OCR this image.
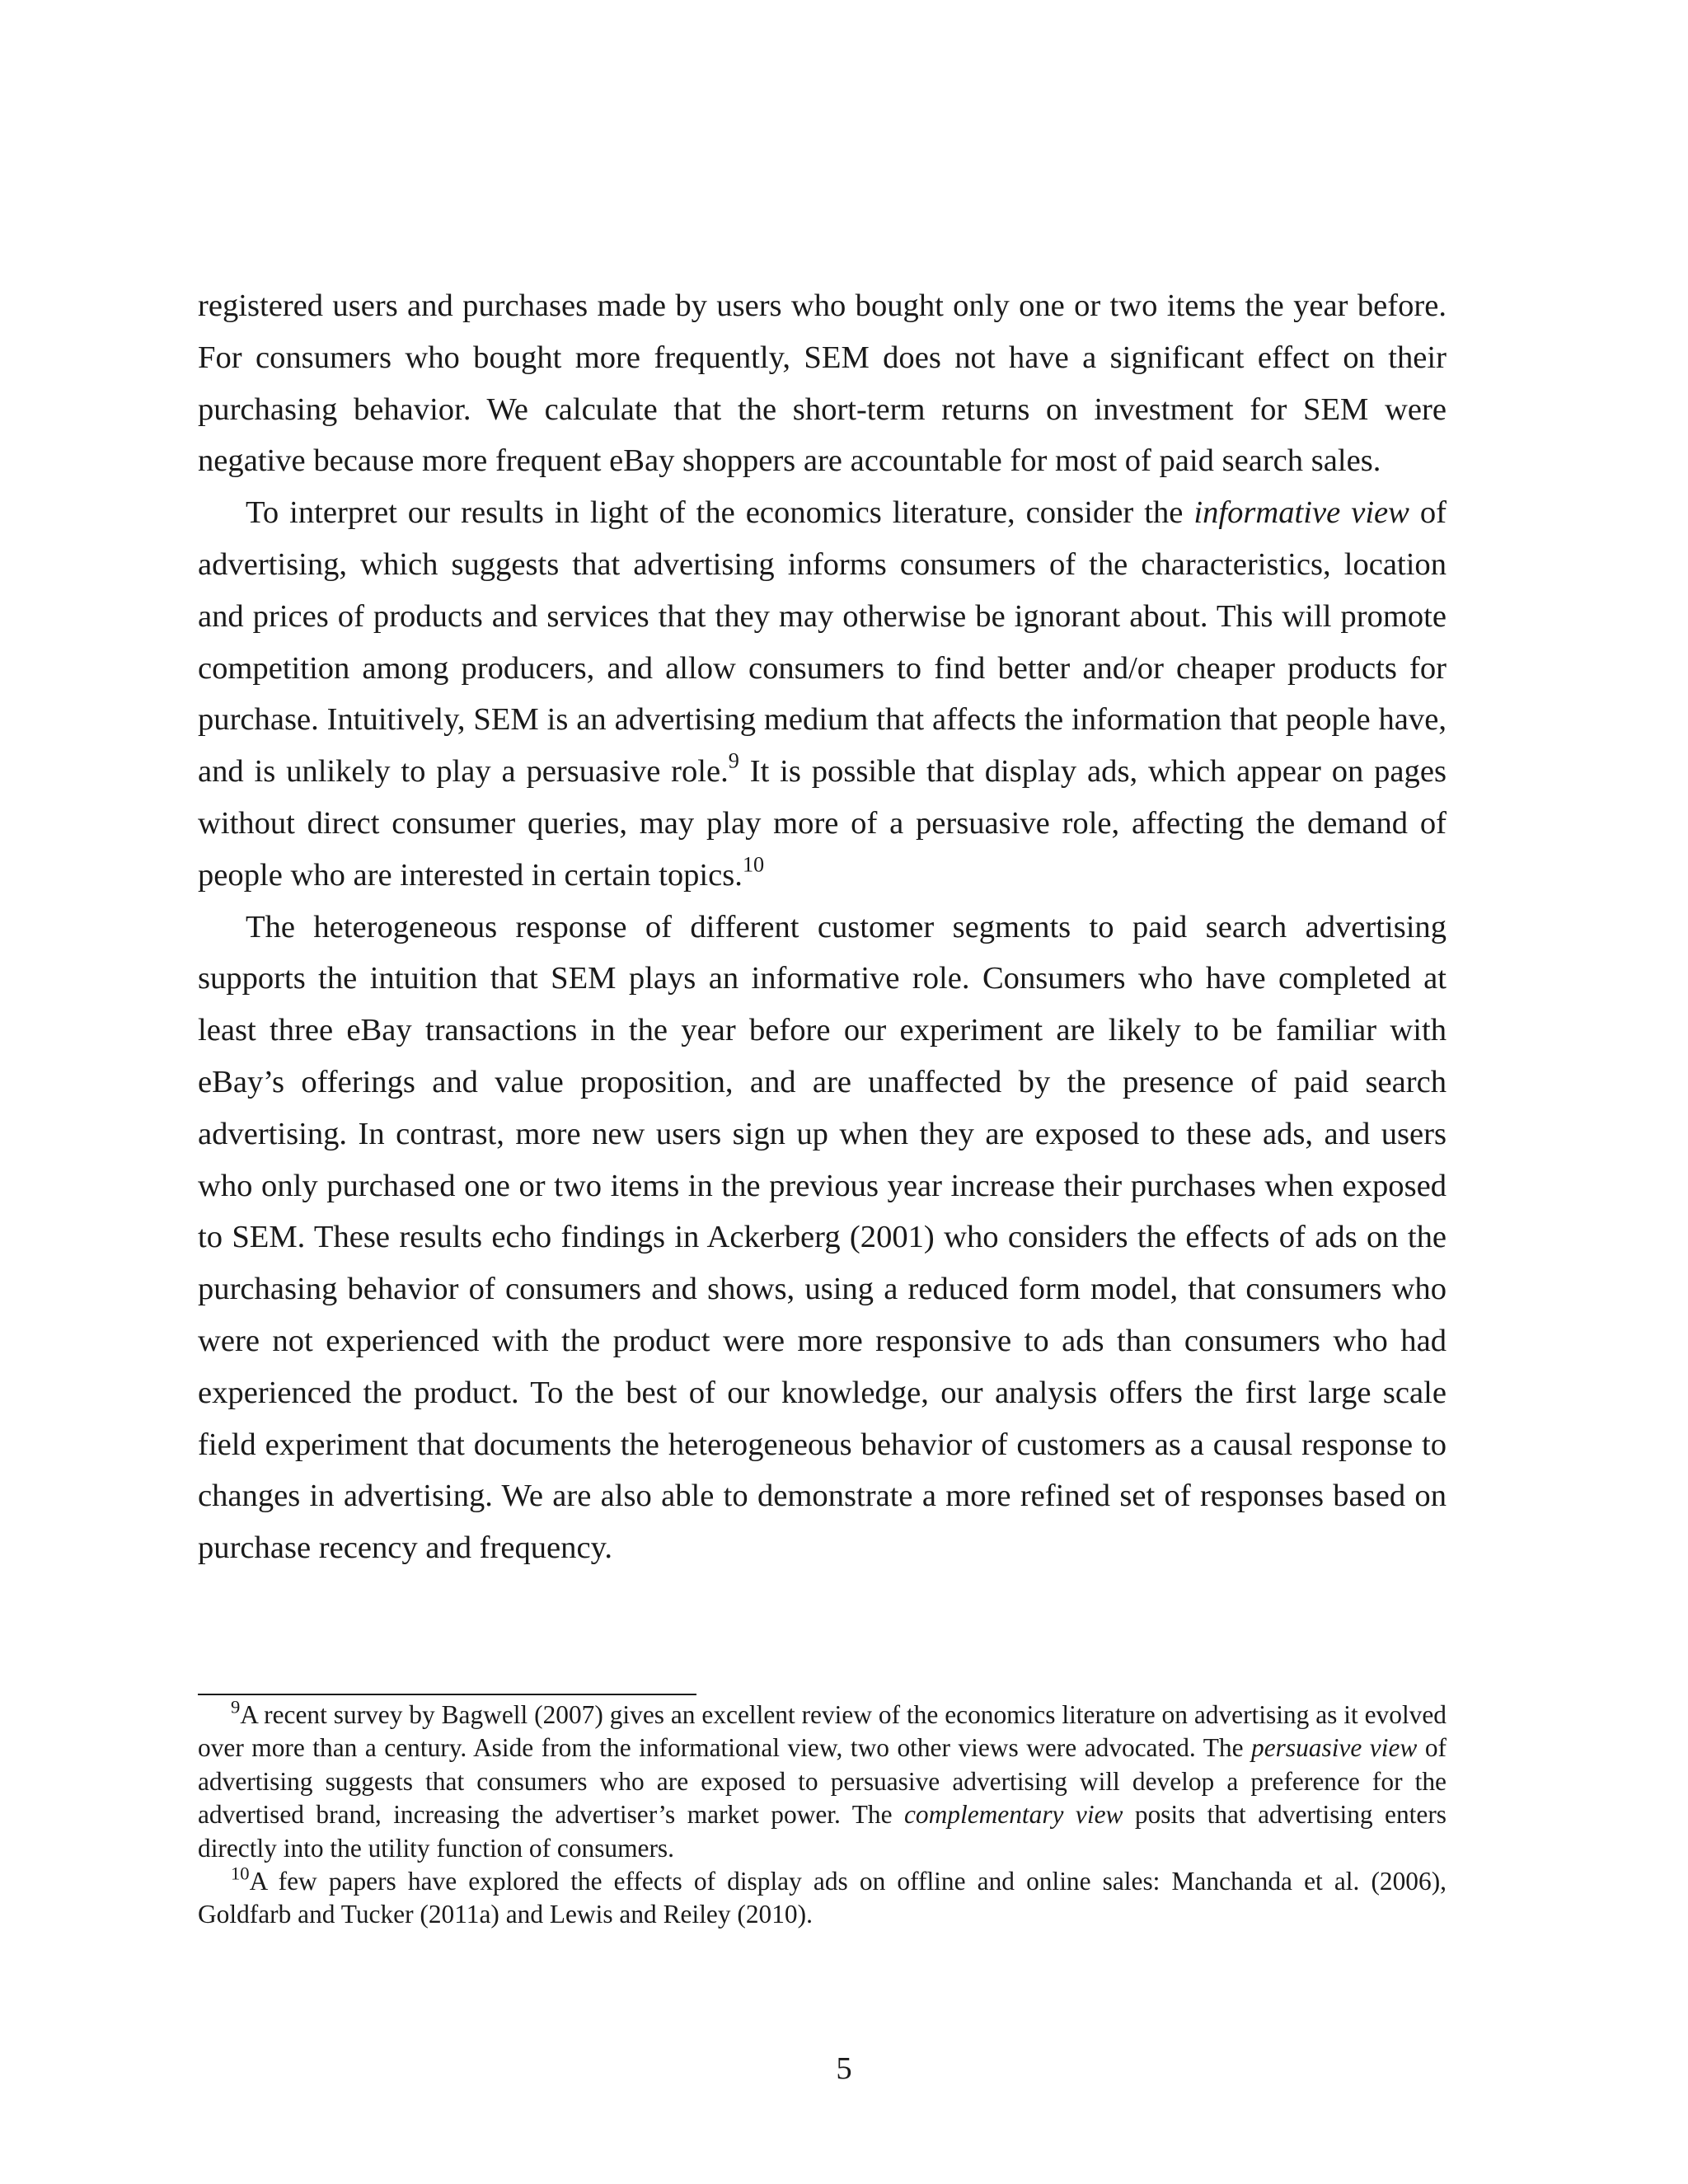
registered users and purchases made by users who bought only one or two items the year before. For consumers who bought more frequently, SEM does not have a significant effect on their purchasing behavior. We calculate that the short-term returns on investment for SEM were negative because more frequent eBay shoppers are accountable for most of paid search sales.

To interpret our results in light of the economics literature, consider the informative view of advertising, which suggests that advertising informs consumers of the characteristics, location and prices of products and services that they may otherwise be ignorant about. This will promote competition among producers, and allow consumers to find better and/or cheaper products for purchase. Intuitively, SEM is an advertising medium that affects the information that people have, and is unlikely to play a persuasive role.$^9$ It is possible that display ads, which appear on pages without direct consumer queries, may play more of a persuasive role, affecting the demand of people who are interested in certain topics.$^{10}$

The heterogeneous response of different customer segments to paid search advertising supports the intuition that SEM plays an informative role. Consumers who have completed at least three eBay transactions in the year before our experiment are likely to be familiar with eBay’s offerings and value proposition, and are unaffected by the presence of paid search advertising. In contrast, more new users sign up when they are exposed to these ads, and users who only purchased one or two items in the previous year increase their purchases when exposed to SEM. These results echo findings in Ackerberg (2001) who considers the effects of ads on the purchasing behavior of consumers and shows, using a reduced form model, that consumers who were not experienced with the product were more responsive to ads than consumers who had experienced the product. To the best of our knowledge, our analysis offers the first large scale field experiment that documents the heterogeneous behavior of customers as a causal response to changes in advertising. We are also able to demonstrate a more refined set of responses based on purchase recency and frequency.

$^9$A recent survey by Bagwell (2007) gives an excellent review of the economics literature on advertising as it evolved over more than a century. Aside from the informational view, two other views were advocated. The persuasive view of advertising suggests that consumers who are exposed to persuasive advertising will develop a preference for the advertised brand, increasing the advertiser’s market power. The complementary view posits that advertising enters directly into the utility function of consumers.

$^{10}$A few papers have explored the effects of display ads on offline and online sales: Manchanda et al. (2006), Goldfarb and Tucker (2011a) and Lewis and Reiley (2010).

5
